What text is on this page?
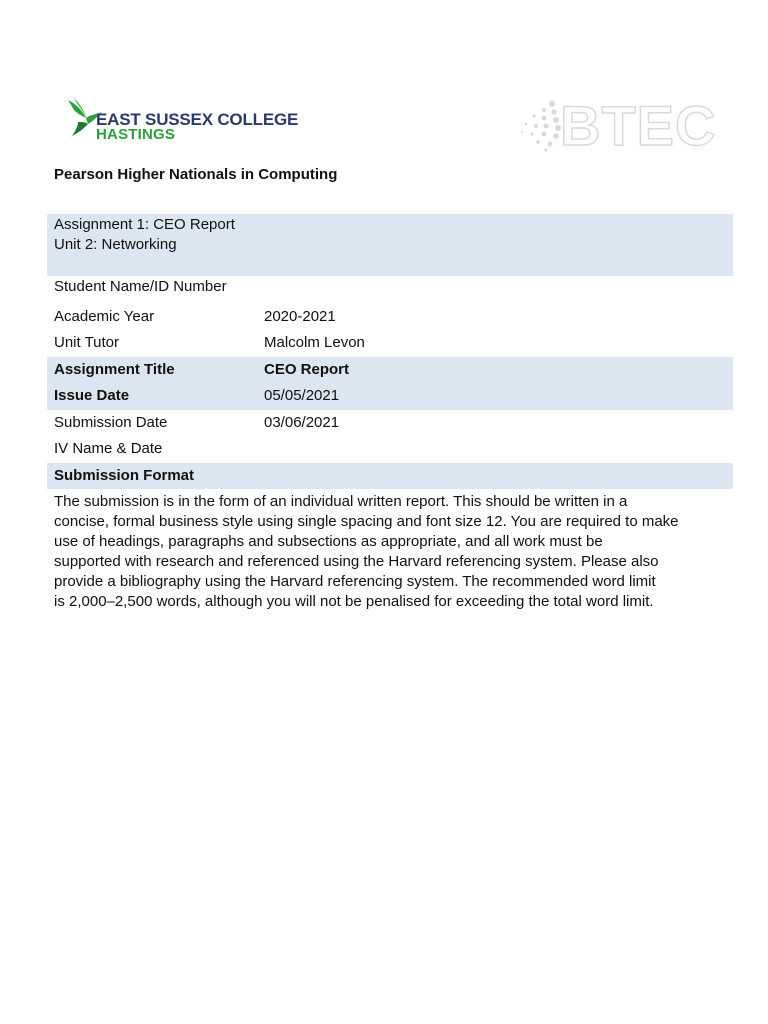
EAST SUSSEX COLLEGE
HASTINGS	BTEC
Pearson Higher Nationals in Computing
Assignment 1: CEO Report
Unit 2: Networking
Student Name/ID Number
Academic Year	2020-2021
Unit Tutor	Malcolm Levon
Assignment Title	CEO Report
Issue Date	05/05/2021
Submission Date	03/06/2021
IV Name & Date
Submission Format
The submission is in the form of an individual written report. This should be written in a
concise, formal business style using single spacing and font size 12. You are required to make
use of headings, paragraphs and subsections as appropriate, and all work must be
supported with research and referenced using the Harvard referencing system. Please also
provide a bibliography using the Harvard referencing system. The recommended word limit
is 2,000–2,500 words, although you will not be penalised for exceeding the total word limit.
